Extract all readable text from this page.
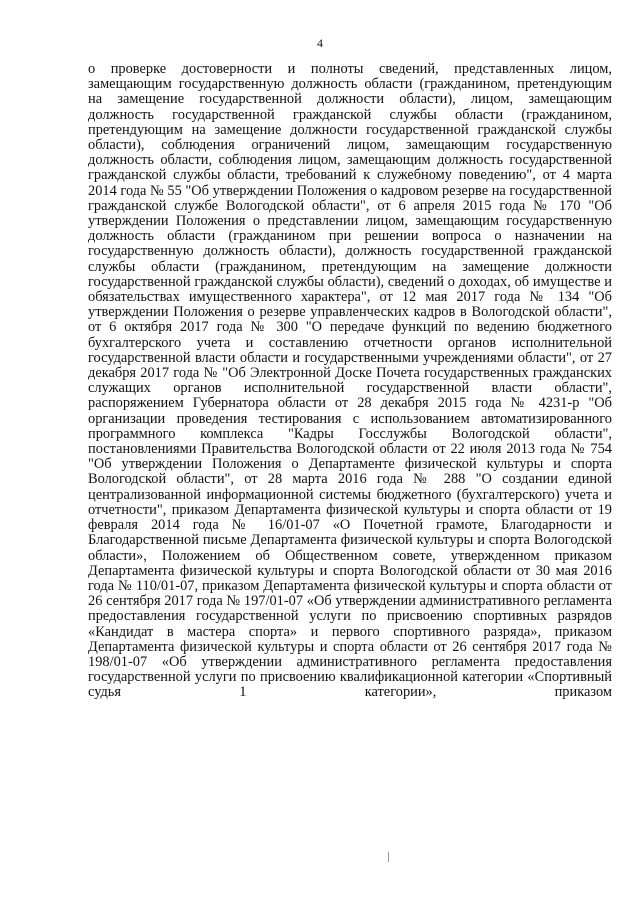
4

о проверке достоверности и полноты сведений, представленных лицом, замещающим государственную должность области (гражданином, претендующим на замещение государственной должности области), лицом, замещающим должность государственной гражданской службы области (гражданином, претендующим на замещение должности государственной гражданской службы области), соблюдения ограничений лицом, замещающим государственную должность области, соблюдения лицом, замещающим должность государственной гражданской службы области, требований к служебному поведению", от 4 марта 2014 года № 55 "Об утверждении Положения о кадровом резерве на государственной гражданской службе Вологодской области", от 6 апреля 2015 года № 170 "Об утверждении Положения о представлении лицом, замещающим государственную должность области (гражданином при решении вопроса о назначении на государственную должность области), должность государственной гражданской службы области (гражданином, претендующим на замещение должности государственной гражданской службы области), сведений о доходах, об имуществе и обязательствах имущественного характера", от 12 мая 2017 года № 134 "Об утверждении Положения о резерве управленческих кадров в Вологодской области", от 6 октября 2017 года № 300 "О передаче функций по ведению бюджетного бухгалтерского учета и составлению отчетности органов исполнительной государственной власти области и государственными учреждениями области", от 27 декабря 2017 года № "Об Электронной Доске Почета государственных гражданских служащих органов исполнительной государственной власти области", распоряжением Губернатора области от 28 декабря 2015 года № 4231-р "Об организации проведения тестирования с использованием автоматизированного программного комплекса "Кадры Госслужбы Вологодской области", постановлениями Правительства Вологодской области от 22 июля 2013 года № 754 "Об утверждении Положения о Департаменте физической культуры и спорта Вологодской области", от 28 марта 2016 года № 288 "О создании единой централизованной информационной системы бюджетного (бухгалтерского) учета и отчетности", приказом Департамента физической культуры и спорта области от 19 февраля 2014 года № 16/01-07 «О Почетной грамоте, Благодарности и Благодарственной письме Департамента физической культуры и спорта Вологодской области», Положением об Общественном совете, утвержденном приказом Департамента физической культуры и спорта Вологодской области от 30 мая 2016 года № 110/01-07, приказом Департамента физической культуры и спорта области от 26 сентября 2017 года № 197/01-07 «Об утверждении административного регламента предоставления государственной услуги по присвоению спортивных разрядов «Кандидат в мастера спорта» и первого спортивного разряда», приказом Департамента физической культуры и спорта области от 26 сентября 2017 года № 198/01-07 «Об утверждении административного регламента предоставления государственной услуги по присвоению квалификационной категории «Спортивный судья 1 категории», приказом
